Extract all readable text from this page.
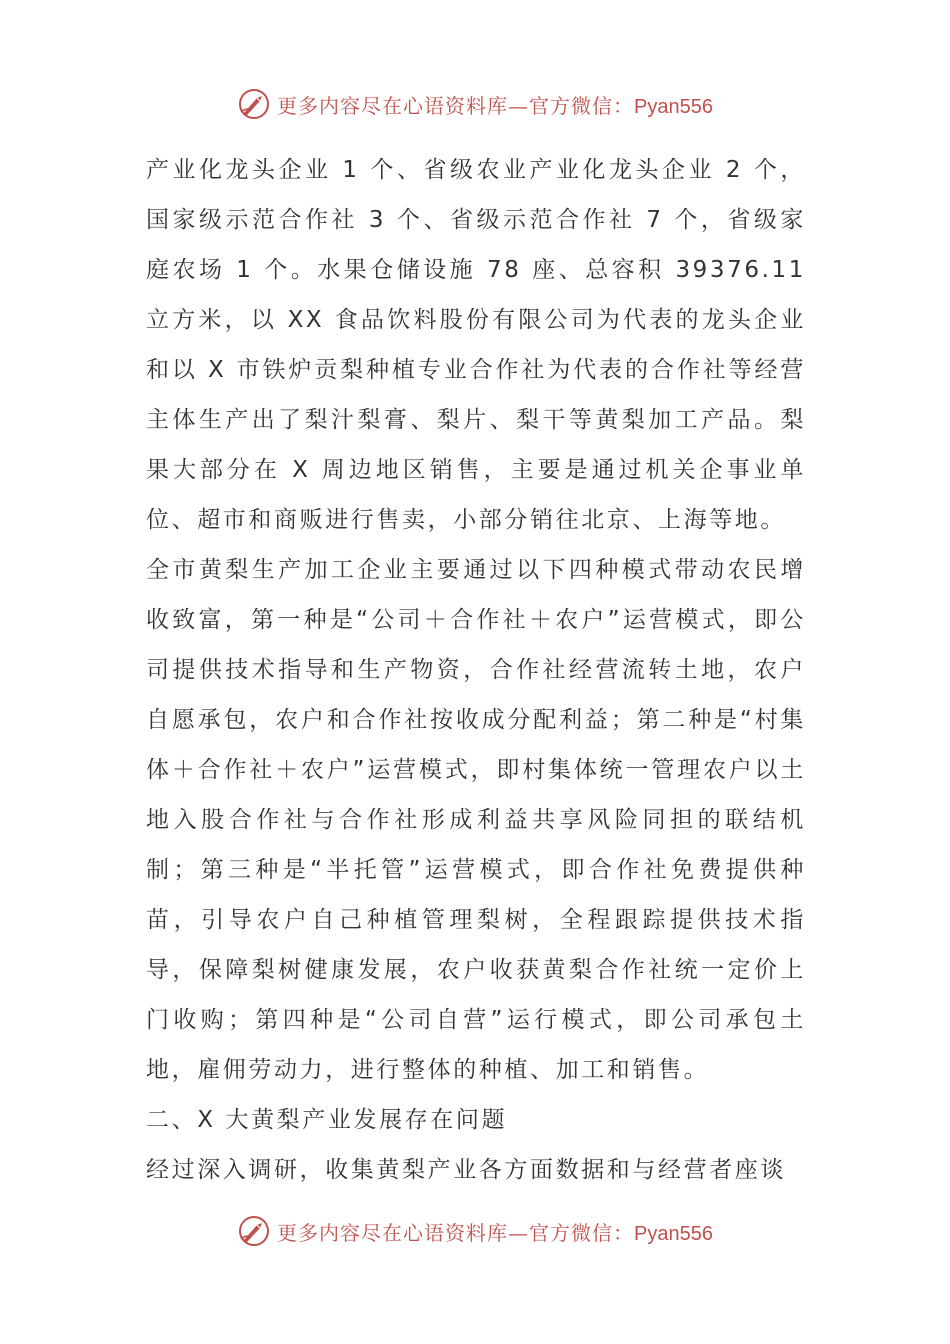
更多内容尽在心语资料库—官方微信：Pyan556

产业化龙头企业 1 个、省级农业产业化龙头企业 2 个，国家级示范合作社 3 个、省级示范合作社 7 个，省级家庭农场 1 个。水果仓储设施 78 座、总容积 39376.11 立方米，以 XX 食品饮料股份有限公司为代表的龙头企业和以 X 市铁炉贡梨种植专业合作社为代表的合作社等经营主体生产出了梨汁梨膏、梨片、梨干等黄梨加工产品。梨果大部分在 X 周边地区销售，主要是通过机关企事业单位、超市和商贩进行售卖，小部分销往北京、上海等地。

全市黄梨生产加工企业主要通过以下四种模式带动农民增收致富，第一种是“公司＋合作社＋农户”运营模式，即公司提供技术指导和生产物资，合作社经营流转土地，农户自愿承包，农户和合作社按收成分配利益；第二种是“村集体＋合作社＋农户”运营模式，即村集体统一管理农户以土地入股合作社与合作社形成利益共享风险同担的联结机制；第三种是“半托管”运营模式，即合作社免费提供种苗，引导农户自己种植管理梨树，全程跟踪提供技术指导，保障梨树健康发展，农户收获黄梨合作社统一定价上门收购；第四种是“公司自营”运行模式，即公司承包土地，雇佣劳动力，进行整体的种植、加工和销售。

二、X 大黄梨产业发展存在问题

经过深入调研，收集黄梨产业各方面数据和与经营者座谈

更多内容尽在心语资料库—官方微信：Pyan556
